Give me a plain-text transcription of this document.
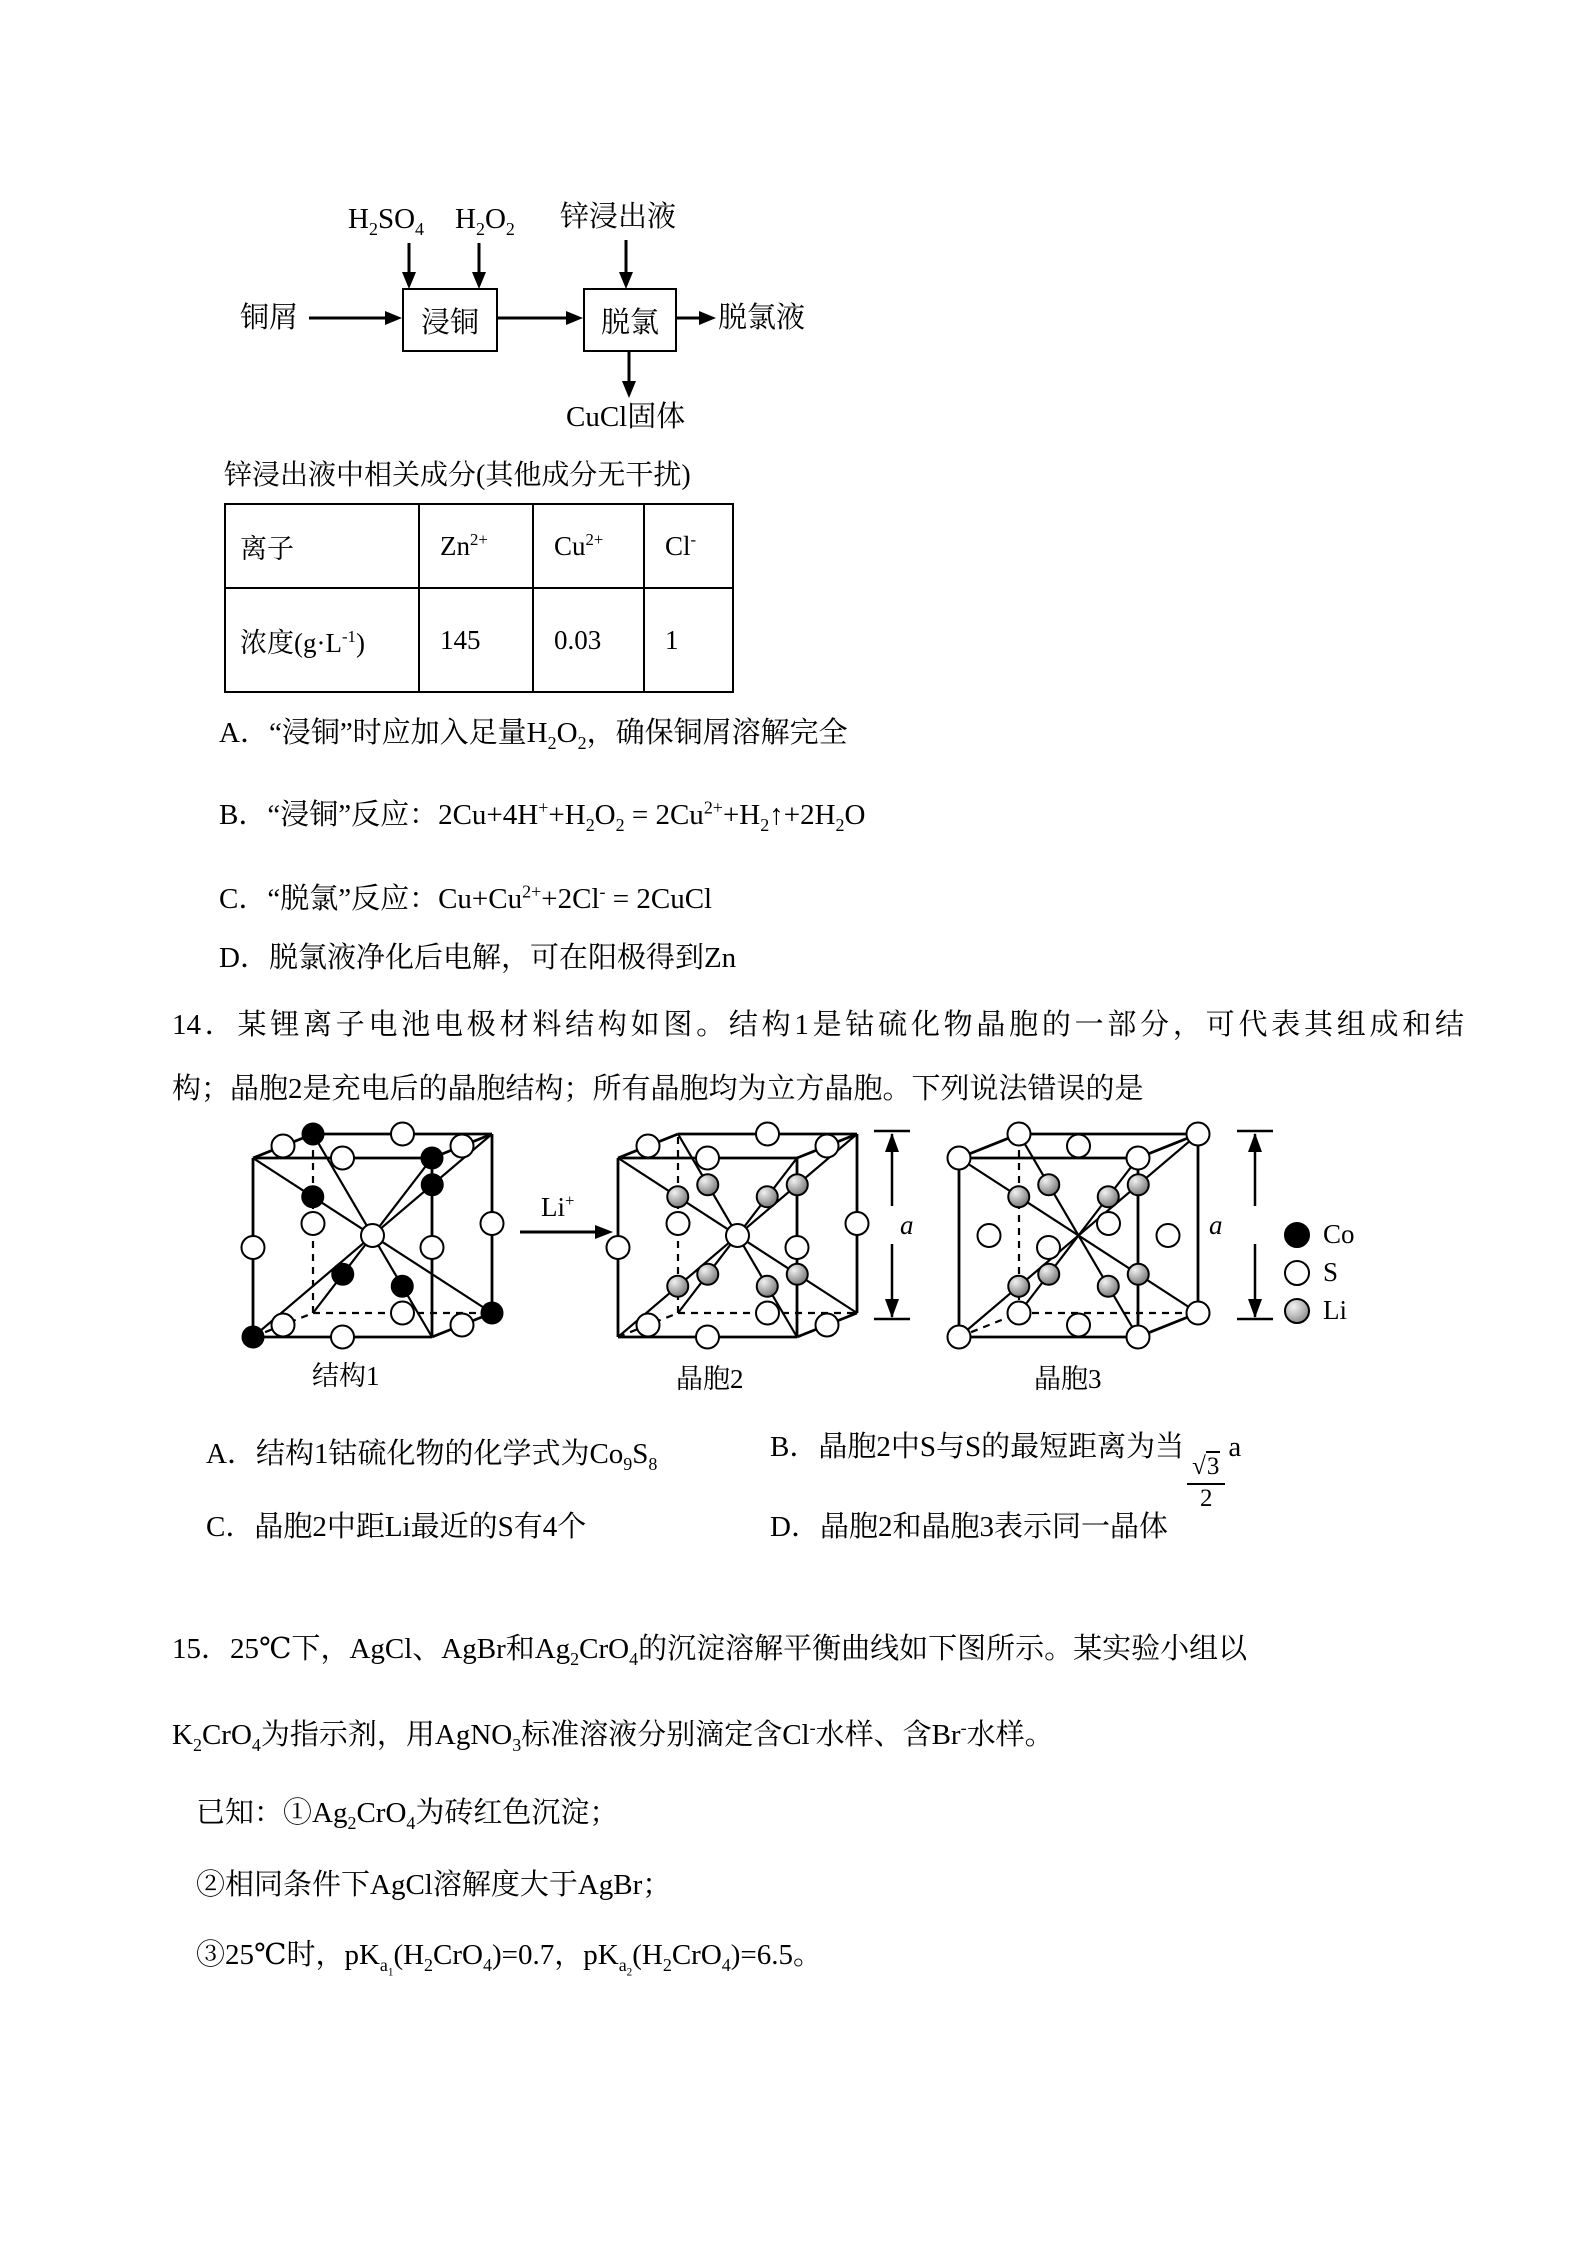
$H_2SO_4$ $H_2O_2$ 锌浸出液
铜屑	浸铜	脱氯 脱氯液
CuCl固体
锌浸出液中相关成分(其他成分无干扰)
离子	$Zn^{2+}$	$Cu^{2+}$	Cl-
浓度$(g\cdot L^{-1})$	145	0.03	1
A．“浸铜”时应加入足量$H_2O_2$，确保铜屑溶解完全
B．“浸铜”反应：$2Cu+4H^++H_2O_2$ = $2Cu^{2+}+H_2↑+2H_2O$
C．“脱氯”反应：$Cu+Cu^{2+}+2Cl^-$ = 2CuCl
D．脱氯液净化后电解，可在阳极得到Zn
14．某锂离子电池电极材料结构如图。结构1是钴硫化物晶胞的一部分，可代表其组成和结
构；晶胞2是充电后的晶胞结构；所有晶胞均为立方晶胞。下列说法错误的是
Li+
a	a
结构1	晶胞2	晶胞3
Co
S
Li
A．结构1钴硫化物的化学式为$Co_9S_8$
B．晶胞2中S与S的最短距离为当
$\frac{√3}{2}$
a
C．晶胞2中距Li最近的S有4个	D．晶胞2和晶胞3表示同一晶体
15．25℃下，AgCl、AgBr和$Ag_2CrO_4$的沉淀溶解平衡曲线如下图所示。某实验小组以
$K_2CrO_4$为指示剂，用AgNO$_3$标准溶液分别滴定含Cl-水样、含Br-水样。
已知：$①Ag_2CrO_4$为砖红色沉淀；
②相同条件下AgCl溶解度大于AgBr；
③25℃时，$pK_{a_1}(H_2CrO_4)=0.7$，$pK_{a_2}(H_2CrO_4)=6.5$。
